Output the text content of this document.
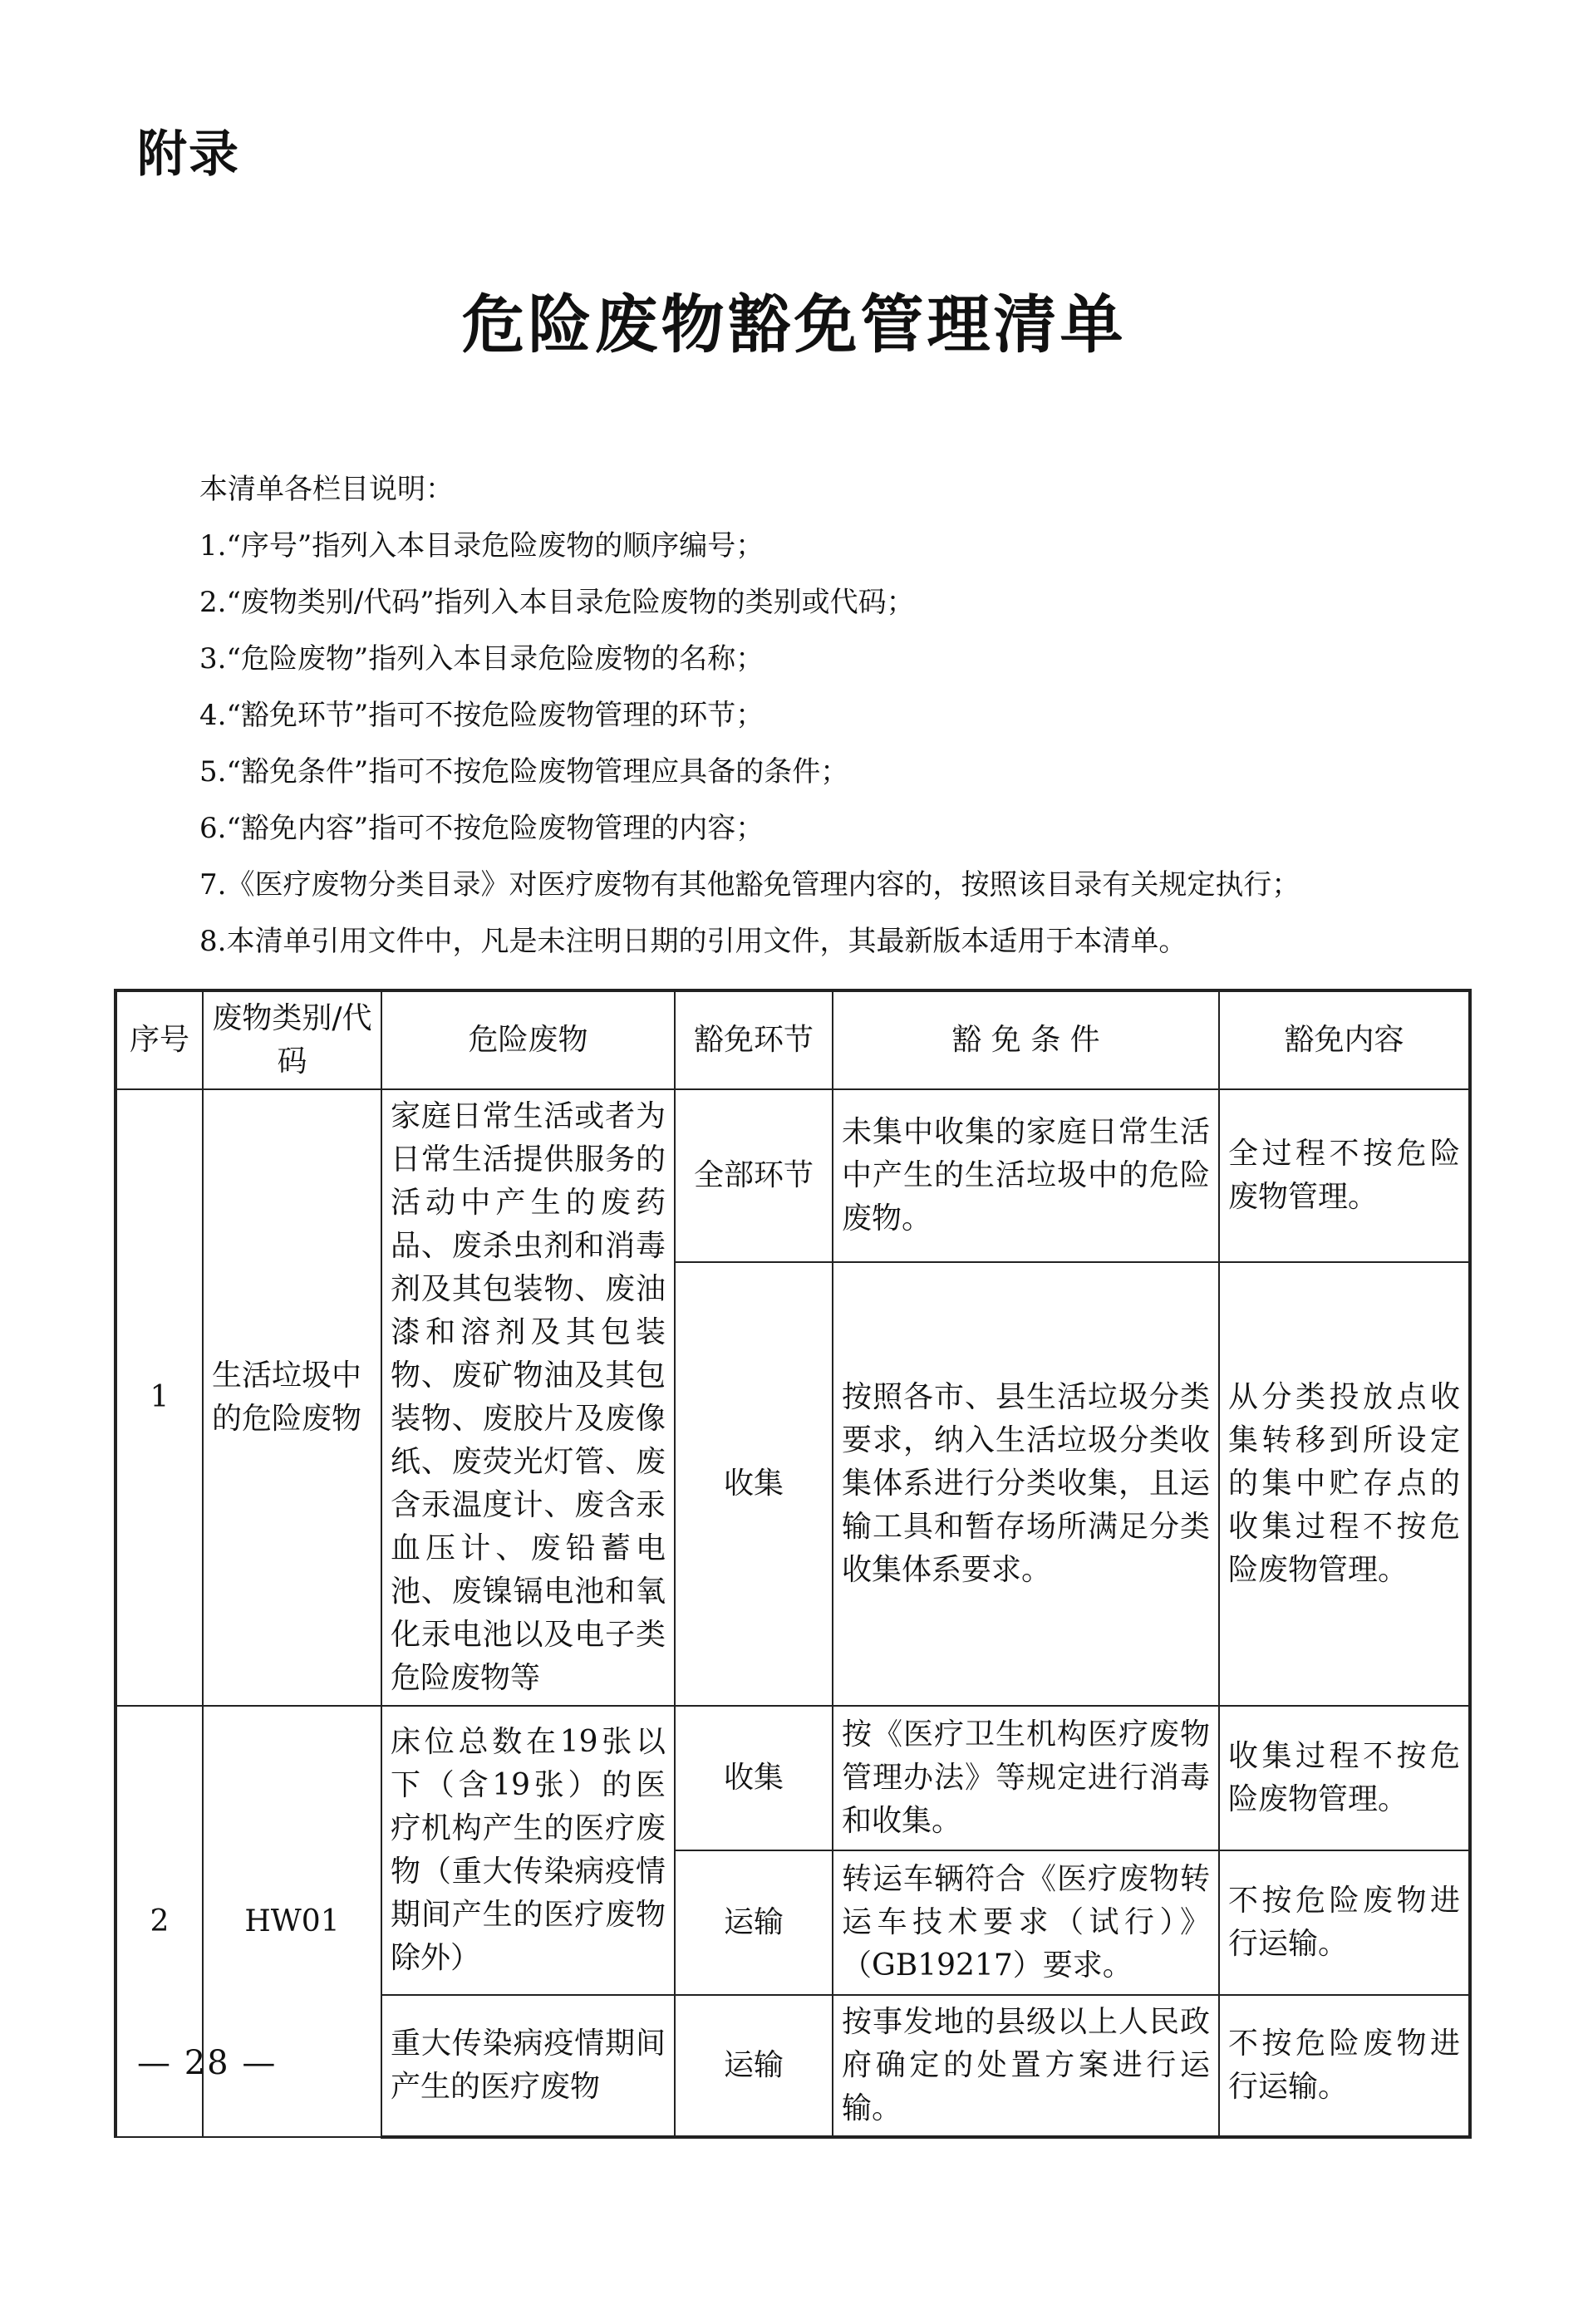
附录
危险废物豁免管理清单
本清单各栏目说明：
1.“序号”指列入本目录危险废物的顺序编号；
2.“废物类别/代码”指列入本目录危险废物的类别或代码；
3.“危险废物”指列入本目录危险废物的名称；
4.“豁免环节”指可不按危险废物管理的环节；
5.“豁免条件”指可不按危险废物管理应具备的条件；
6.“豁免内容”指可不按危险废物管理的内容；
7.《医疗废物分类目录》对医疗废物有其他豁免管理内容的，按照该目录有关规定执行；
8.本清单引用文件中，凡是未注明日期的引用文件，其最新版本适用于本清单。
序号	废物类别/代码	危险废物	豁免环节	豁 免 条 件	豁免内容
1	生活垃圾中的危险废物	家庭日常生活或者为日常生活提供服务的活动中产生的废药品、废杀虫剂和消毒剂及其包装物、废油漆和溶剂及其包装物、废矿物油及其包装物、废胶片及废像纸、废荧光灯管、废含汞温度计、废含汞血压计、废铅蓄电池、废镍镉电池和氧化汞电池以及电子类危险废物等	全部环节	未集中收集的家庭日常生活中产生的生活垃圾中的危险废物。	全过程不按危险废物管理。
			收集	按照各市、县生活垃圾分类要求，纳入生活垃圾分类收集体系进行分类收集，且运输工具和暂存场所满足分类收集体系要求。	从分类投放点收集转移到所设定的集中贮存点的收集过程不按危险废物管理。
2	HW01	床位总数在19张以下（含19张）的医疗机构产生的医疗废物（重大传染病疫情期间产生的医疗废物除外）	收集	按《医疗卫生机构医疗废物管理办法》等规定进行消毒和收集。	收集过程不按危险废物管理。
			运输	转运车辆符合《医疗废物转运车技术要求（试行）》（GB19217）要求。	不按危险废物进行运输。
		重大传染病疫情期间产生的医疗废物	运输	按事发地的县级以上人民政府确定的处置方案进行运输。	不按危险废物进行运输。
— 28 —
